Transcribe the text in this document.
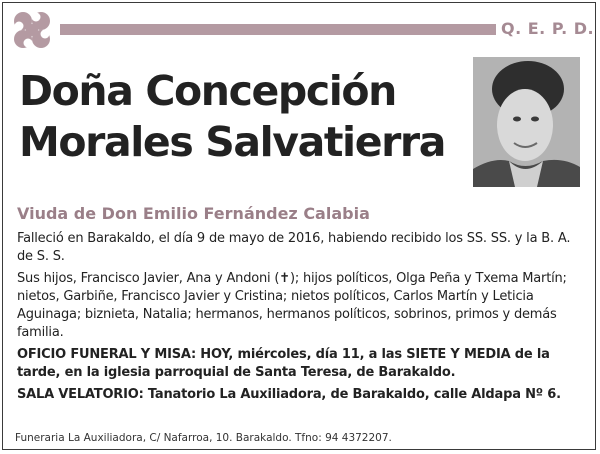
Q. E. P. D.
Doña Concepción
Morales Salvatierra
Viuda de Don Emilio Fernández Calabia

Falleció en Barakaldo, el día 9 de mayo de 2016, habiendo recibido los SS. SS. y la B. A. de S. S.

Sus hijos, Francisco Javier, Ana y Andoni (✝); hijos políticos, Olga Peña y Txema Martín; nietos, Garbiñe, Francisco Javier y Cristina; nietos políticos, Carlos Martín y Leticia Aguinaga; biznieta, Natalia; hermanos, hermanos políticos, sobrinos, primos y demás familia.

OFICIO FUNERAL Y MISA: HOY, miércoles, día 11, a las SIETE Y MEDIA de la tarde, en la iglesia parroquial de Santa Teresa, de Barakaldo.

SALA VELATORIO: Tanatorio La Auxiliadora, de Barakaldo, calle Aldapa Nº 6.

Funeraria La Auxiliadora, C/ Nafarroa, 10. Barakaldo. Tfno: 94 4372207.
